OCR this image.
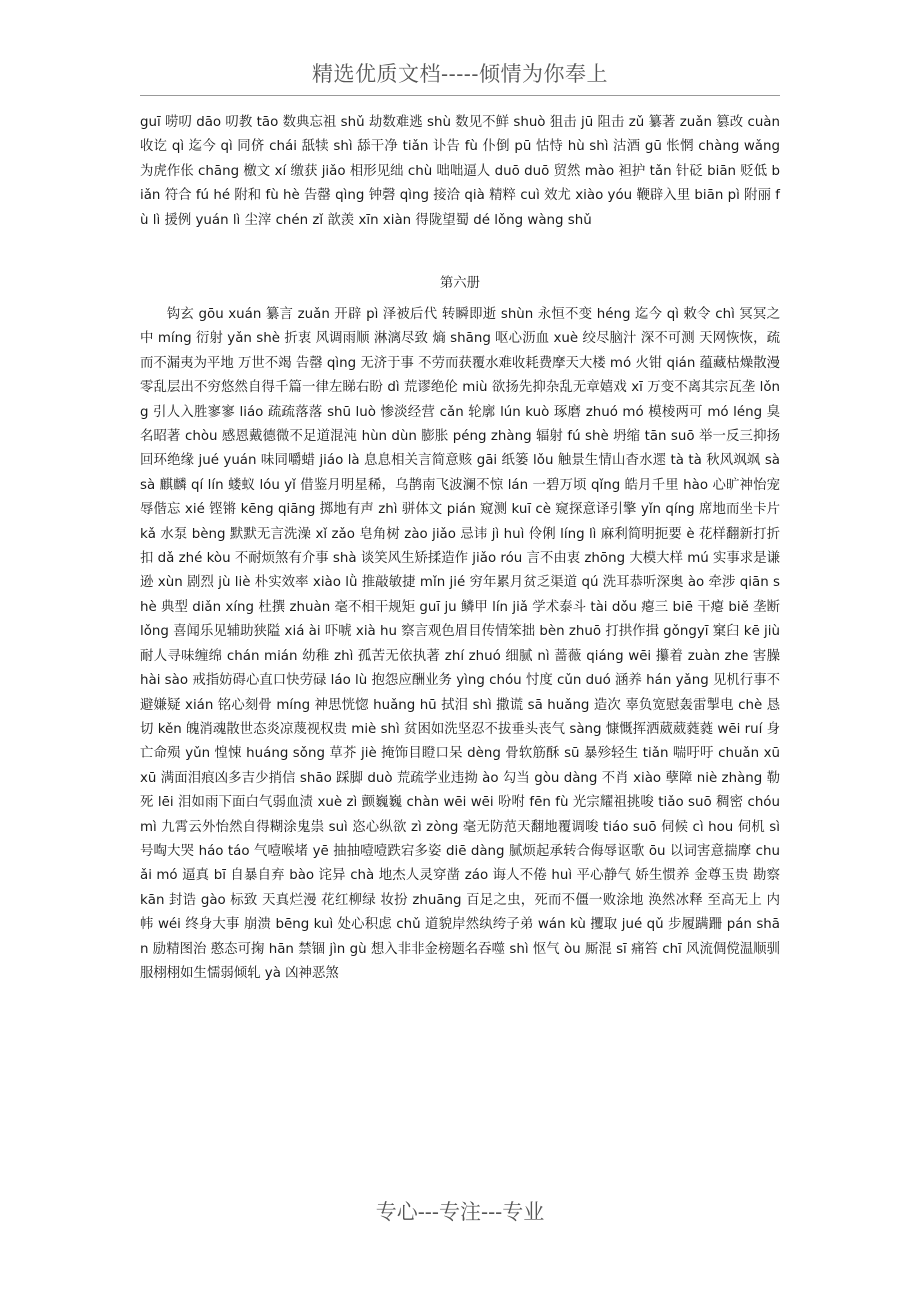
精选优质文档-----倾情为你奉上
guī 唠叨 dāo 叨教 tāo 数典忘祖 shǔ 劫数难逃 shù 数见不鲜 shuò 狙击 jū 阻击 zǔ 纂著 zuǎn 篡改 cuàn 收讫 qì 迄今 qì 同侪 chái 舐犊 shì 舔干净 tiǎn 讣告 fù 仆倒 pū 怙恃 hù shì 沽酒 gū 怅惘 chàng wǎng 为虎作伥 chāng 檄文 xí 缴获 jiǎo 相形见绌 chù 咄咄逼人 duō duō 贸然 mào 袒护 tǎn 针砭 biān 贬低 biǎn 符合 fú hé 附和 fù hè 告罄 qìng 钟磬 qìng 接洽 qià 精粹 cuì 效尤 xiào yóu 鞭辟入里 biān pì 附丽 fù lì 援例 yuán lì 尘滓 chén zǐ 歆羡 xīn xiàn 得陇望蜀 dé lǒng wàng shǔ
第六册
钩玄 gōu xuán 纂言 zuǎn 开辟 pì 泽被后代 转瞬即逝 shùn 永恒不变 héng 迄今 qì 敕令 chì 冥冥之中 míng 衍射 yǎn shè 折衷 风调雨顺 淋漓尽致 熵 shāng 呕心沥血 xuè 绞尽脑汁 深不可测 天网恢恢，疏而不漏夷为平地 万世不竭 告罄 qìng 无济于事 不劳而获覆水难收耗费摩天大楼 mó 火钳 qián 蕴藏枯燥散漫零乱层出不穷悠然自得千篇一律左睇右盼 dì 荒谬绝伦 miù 欲扬先抑杂乱无章嬉戏 xī 万变不离其宗瓦垄 lǒng 引人入胜寥寥 liáo 疏疏落落 shū luò 惨淡经营 cǎn 轮廓 lún kuò 琢磨 zhuó mó 模棱两可 mó léng 臭名昭著 chòu 感恩戴德微不足道混沌 hùn dùn 膨胀 péng zhàng 辐射 fú shè 坍缩 tān suō 举一反三抑扬回环绝缘 jué yuán 味同嚼蜡 jiáo là 息息相关言简意赅 gāi 纸篓 lǒu 触景生情山杳水遝 tà tà 秋风飒飒 sà sà 麒麟 qí lín 蝼蚁 lóu yǐ 借鉴月明星稀，乌鹊南飞波澜不惊 lán 一碧万顷 qǐng 皓月千里 hào 心旷神怡宠辱偕忘 xié 铿锵 kēng qiāng 掷地有声 zhì 骈体文 pián 窥测 kuī cè 窥探意译引擎 yǐn qíng 席地而坐卡片 kǎ 水泵 bèng 默默无言洗澡 xǐ zǎo 皂角树 zào jiǎo 忌讳 jì huì 伶俐 líng lì 麻利简明扼要 è 花样翻新打折扣 dǎ zhé kòu 不耐烦煞有介事 shà 谈笑风生矫揉造作 jiǎo róu 言不由衷 zhōng 大模大样 mú 实事求是谦逊 xùn 剧烈 jù liè 朴实效率 xiào lǜ 推敲敏捷 mǐn jié 穷年累月贫乏渠道 qú 洗耳恭听深奥 ào 牵涉 qiān shè 典型 diǎn xíng 杜撰 zhuàn 毫不相干规矩 guī ju 鳞甲 lín jiǎ 学术泰斗 tài dǒu 瘪三 biē 干瘪 biě 垄断 lǒng 喜闻乐见辅助狭隘 xiá ài 吓唬 xià hu 察言观色眉目传情笨拙 bèn zhuō 打拱作揖 gǒngyī 窠臼 kē jiù 耐人寻味缠绵 chán mián 幼稚 zhì 孤苦无依执著 zhí zhuó 细腻 nì 蔷薇 qiáng wēi 攥着 zuàn zhe 害臊 hài sào 戒指妨碍心直口快劳碌 láo lù 抱怨应酬业务 yìng chóu 忖度 cǔn duó 涵养 hán yǎng 见机行事不避嫌疑 xián 铭心刻骨 míng 神思恍惚 huǎng hū 拭泪 shì 撒谎 sā huǎng 造次 辜负宽慰轰雷掣电 chè 恳切 kěn 魄消魂散世态炎凉蔑视权贵 miè shì 贫困如洗坚忍不拔垂头丧气 sàng 慷慨挥洒葳葳蕤蕤 wēi ruí 身亡命殒 yǔn 惶悚 huáng sǒng 草芥 jiè 掩饰目瞪口呆 dèng 骨软筋酥 sū 暴殄轻生 tiǎn 喘吁吁 chuǎn xū xū 满面泪痕凶多吉少捎信 shāo 踩脚 duò 荒疏学业违拗 ào 勾当 gòu dàng 不肖 xiào 孽障 niè zhàng 勒死 lēi 泪如雨下面白气弱血渍 xuè zì 颤巍巍 chàn wēi wēi 吩咐 fēn fù 光宗耀祖挑唆 tiǎo suō 稠密 chóu mì 九霄云外怡然自得糊涂鬼祟 suì 恣心纵欲 zì zòng 毫无防范天翻地覆调唆 tiáo suō 伺候 cì hou 伺机 sì 号啕大哭 háo táo 气噎喉堵 yē 抽抽噎噎跌宕多姿 diē dàng 腻烦起承转合侮辱讴歌 ōu 以词害意揣摩 chuǎi mó 逼真 bī 自暴自弃 bào 诧异 chà 地杰人灵穿凿 záo 诲人不倦 huì 平心静气 娇生惯养 金尊玉贵 勘察 kān 封诰 gào 标致 天真烂漫 花红柳绿 妆扮 zhuāng 百足之虫，死而不僵一败涂地 涣然冰释 至高无上 内帏 wéi 终身大事 崩溃 bēng kuì 处心积虑 chǔ 道貌岸然纨绔子弟 wán kù 攫取 jué qǔ 步履蹒跚 pán shān 励精图治 憨态可掬 hān 禁锢 jìn gù 想入非非金榜题名吞噬 shì 怄气 òu 厮混 sī 痛笞 chī 风流倜傥温顺驯服栩栩如生懦弱倾轧 yà 凶神恶煞
专心---专注---专业
